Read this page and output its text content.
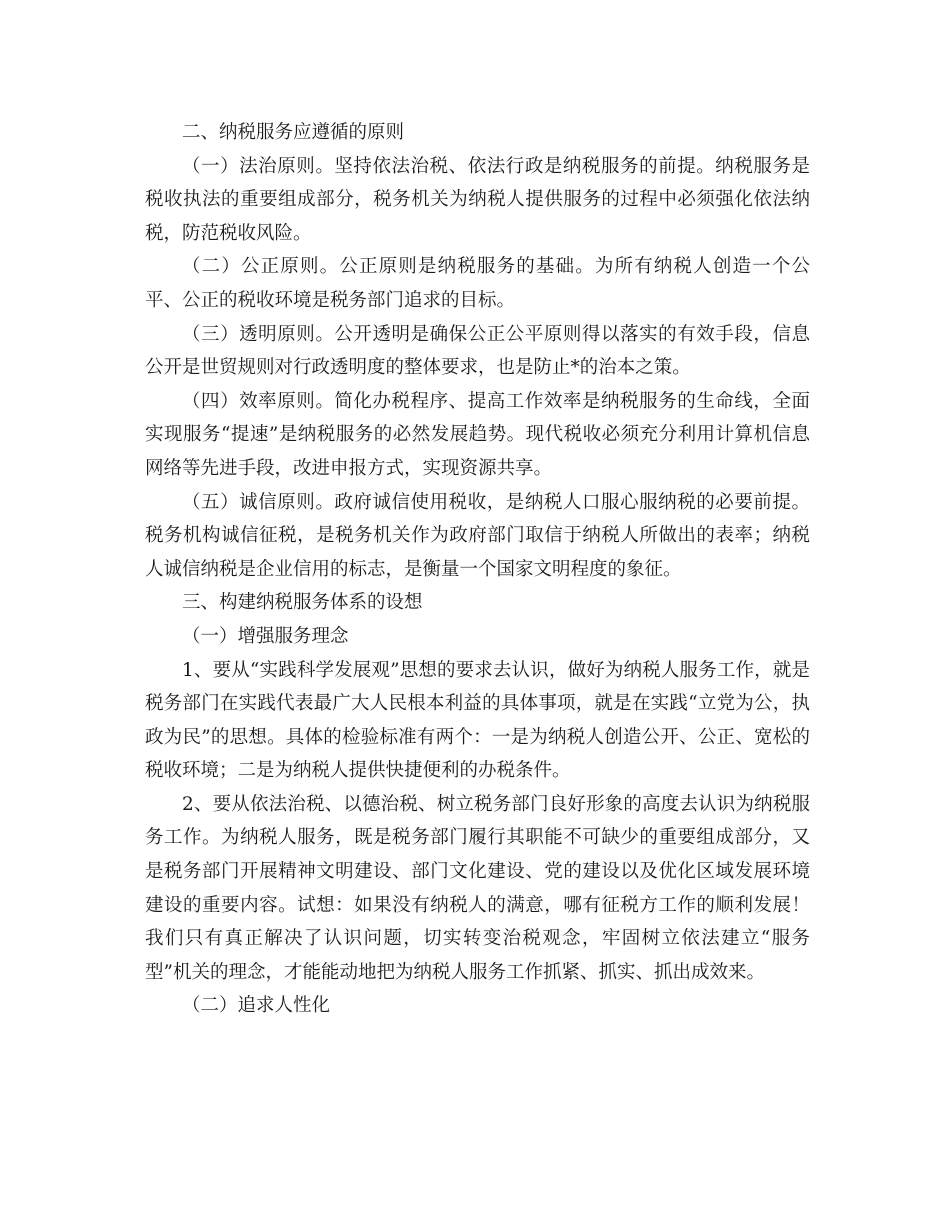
二、纳税服务应遵循的原则

（一）法治原则。坚持依法治税、依法行政是纳税服务的前提。纳税服务是税收执法的重要组成部分，税务机关为纳税人提供服务的过程中必须强化依法纳税，防范税收风险。

（二）公正原则。公正原则是纳税服务的基础。为所有纳税人创造一个公平、公正的税收环境是税务部门追求的目标。

（三）透明原则。公开透明是确保公正公平原则得以落实的有效手段，信息公开是世贸规则对行政透明度的整体要求，也是防止*的治本之策。

（四）效率原则。简化办税程序、提高工作效率是纳税服务的生命线，全面实现服务“提速”是纳税服务的必然发展趋势。现代税收必须充分利用计算机信息网络等先进手段，改进申报方式，实现资源共享。

（五）诚信原则。政府诚信使用税收，是纳税人口服心服纳税的必要前提。税务机构诚信征税，是税务机关作为政府部门取信于纳税人所做出的表率；纳税人诚信纳税是企业信用的标志，是衡量一个国家文明程度的象征。

三、构建纳税服务体系的设想

（一）增强服务理念

1、要从“实践科学发展观”思想的要求去认识，做好为纳税人服务工作，就是税务部门在实践代表最广大人民根本利益的具体事项，就是在实践“立党为公，执政为民”的思想。具体的检验标准有两个：一是为纳税人创造公开、公正、宽松的税收环境；二是为纳税人提供快捷便利的办税条件。

2、要从依法治税、以德治税、树立税务部门良好形象的高度去认识为纳税服务工作。为纳税人服务，既是税务部门履行其职能不可缺少的重要组成部分，又是税务部门开展精神文明建设、部门文化建设、党的建设以及优化区域发展环境建设的重要内容。试想：如果没有纳税人的满意，哪有征税方工作的顺利发展！我们只有真正解决了认识问题，切实转变治税观念，牢固树立依法建立“服务型”机关的理念，才能能动地把为纳税人服务工作抓紧、抓实、抓出成效来。

（二）追求人性化
